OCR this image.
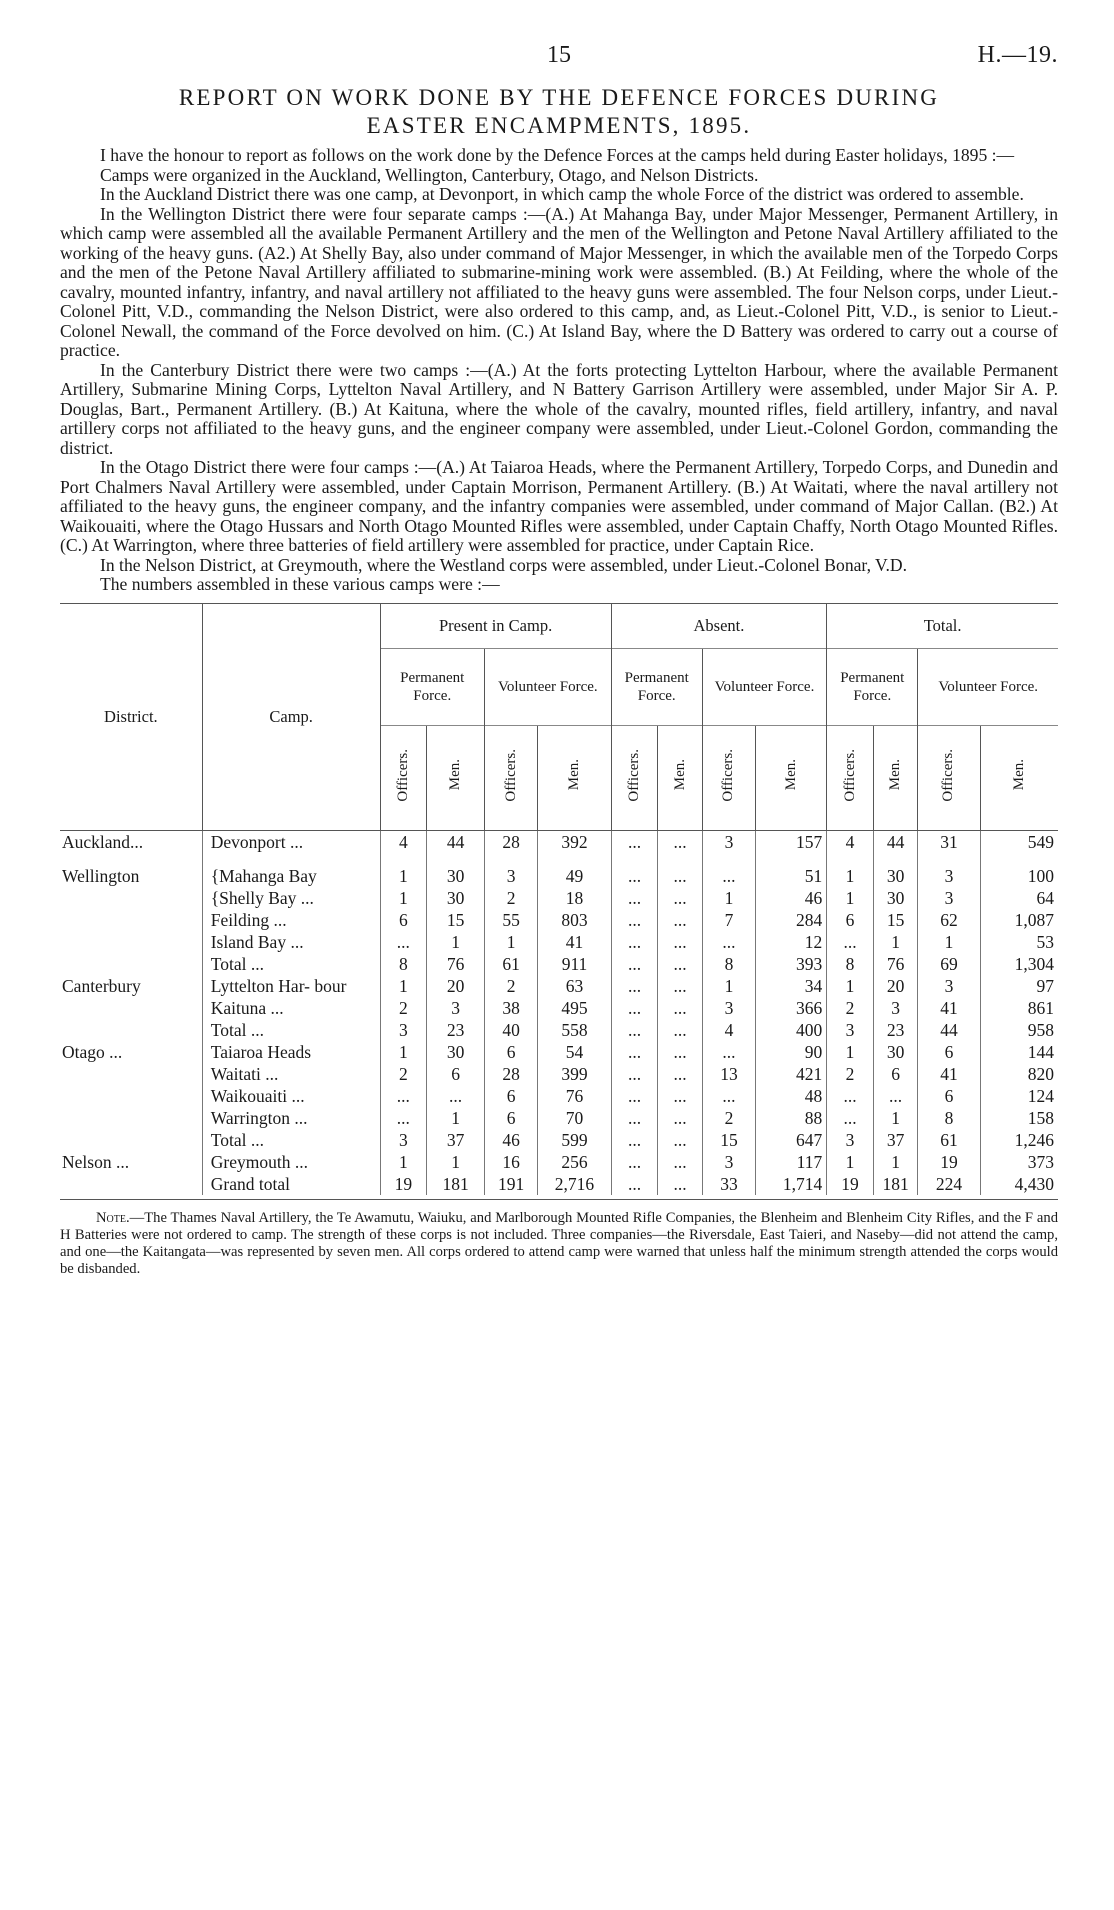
15	H.—19.
REPORT ON WORK DONE BY THE DEFENCE FORCES DURING
EASTER ENCAMPMENTS, 1895.

I have the honour to report as follows on the work done by the Defence Forces at the camps held during Easter holidays, 1895 :—

Camps were organized in the Auckland, Wellington, Canterbury, Otago, and Nelson Districts.

In the Auckland District there was one camp, at Devonport, in which camp the whole Force of the district was ordered to assemble.

In the Wellington District there were four separate camps :—(A.) At Mahanga Bay, under Major Messenger, Permanent Artillery, in which camp were assembled all the available Permanent Artillery and the men of the Wellington and Petone Naval Artillery affiliated to the working of the heavy guns. (A2.) At Shelly Bay, also under command of Major Messenger, in which the available men of the Torpedo Corps and the men of the Petone Naval Artillery affiliated to submarine-mining work were assembled. (B.) At Feilding, where the whole of the cavalry, mounted infantry, infantry, and naval artillery not affiliated to the heavy guns were assembled. The four Nelson corps, under Lieut.-Colonel Pitt, V.D., commanding the Nelson District, were also ordered to this camp, and, as Lieut.-Colonel Pitt, V.D., is senior to Lieut.-Colonel Newall, the command of the Force devolved on him. (C.) At Island Bay, where the D Battery was ordered to carry out a course of practice.

In the Canterbury District there were two camps :—(A.) At the forts protecting Lyttelton Harbour, where the available Permanent Artillery, Submarine Mining Corps, Lyttelton Naval Artillery, and N Battery Garrison Artillery were assembled, under Major Sir A. P. Douglas, Bart., Permanent Artillery. (B.) At Kaituna, where the whole of the cavalry, mounted rifles, field artillery, infantry, and naval artillery corps not affiliated to the heavy guns, and the engineer company were assembled, under Lieut.-Colonel Gordon, commanding the district.

In the Otago District there were four camps :—(A.) At Taiaroa Heads, where the Permanent Artillery, Torpedo Corps, and Dunedin and Port Chalmers Naval Artillery were assembled, under Captain Morrison, Permanent Artillery. (B.) At Waitati, where the naval artillery not affiliated to the heavy guns, the engineer company, and the infantry companies were assembled, under command of Major Callan. (B2.) At Waikouaiti, where the Otago Hussars and North Otago Mounted Rifles were assembled, under Captain Chaffy, North Otago Mounted Rifles. (C.) At Warrington, where three batteries of field artillery were assembled for practice, under Captain Rice.

In the Nelson District, at Greymouth, where the Westland corps were assembled, under Lieut.-Colonel Bonar, V.D.

The numbers assembled in these various camps were :—

District.	Camp.	Present in Camp.				Absent.				Total.			
		Permanent Force.		Volunteer Force.		Permanent Force.		Volunteer Force.		Permanent Force.		Volunteer Force.	
		Officers.	Men.	Officers.	Men.	Officers.	Men.	Officers.	Men.	Officers.	Men.	Officers.	Men.
Auckland...	Devonport ...	4	44	28	392	...	...	3	157	4	44	31	549

Wellington	{Mahanga Bay	1	30	3	49	...	...	...	51	1	30	3	100
	{Shelly Bay ...	1	30	2	18	...	...	1	46	1	30	3	64
	Feilding ...	6	15	55	803	...	...	7	284	6	15	62	1,087
	Island Bay ...	...	1	1	41	...	...	...	12	...	1	1	53
	Total ...	8	76	61	911	...	...	8	393	8	76	69	1,304
Canterbury	Lyttelton Har- bour	1	20	2	63	...	...	1	34	1	20	3	97
	Kaituna ...	2	3	38	495	...	...	3	366	2	3	41	861
	Total ...	3	23	40	558	...	...	4	400	3	23	44	958
Otago ...	Taiaroa Heads	1	30	6	54	...	...	...	90	1	30	6	144
	Waitati ...	2	6	28	399	...	...	13	421	2	6	41	820
	Waikouaiti ...	...	...	6	76	...	...	...	48	...	...	6	124
	Warrington ...	...	1	6	70	...	...	2	88	...	1	8	158
	Total ...	3	37	46	599	...	...	15	647	3	37	61	1,246
Nelson ...	Greymouth ...	1	1	16	256	...	...	3	117	1	1	19	373
	Grand total	19	181	191	2,716	...	...	33	1,714	19	181	224	4,430
Note.—The Thames Naval Artillery, the Te Awamutu, Waiuku, and Marlborough Mounted Rifle Companies, the Blenheim and Blenheim City Rifles, and the F and H Batteries were not ordered to camp. The strength of these corps is not included. Three companies—the Riversdale, East Taieri, and Naseby—did not attend the camp, and one—the Kaitangata—was represented by seven men. All corps ordered to attend camp were warned that unless half the minimum strength attended the corps would be disbanded.
